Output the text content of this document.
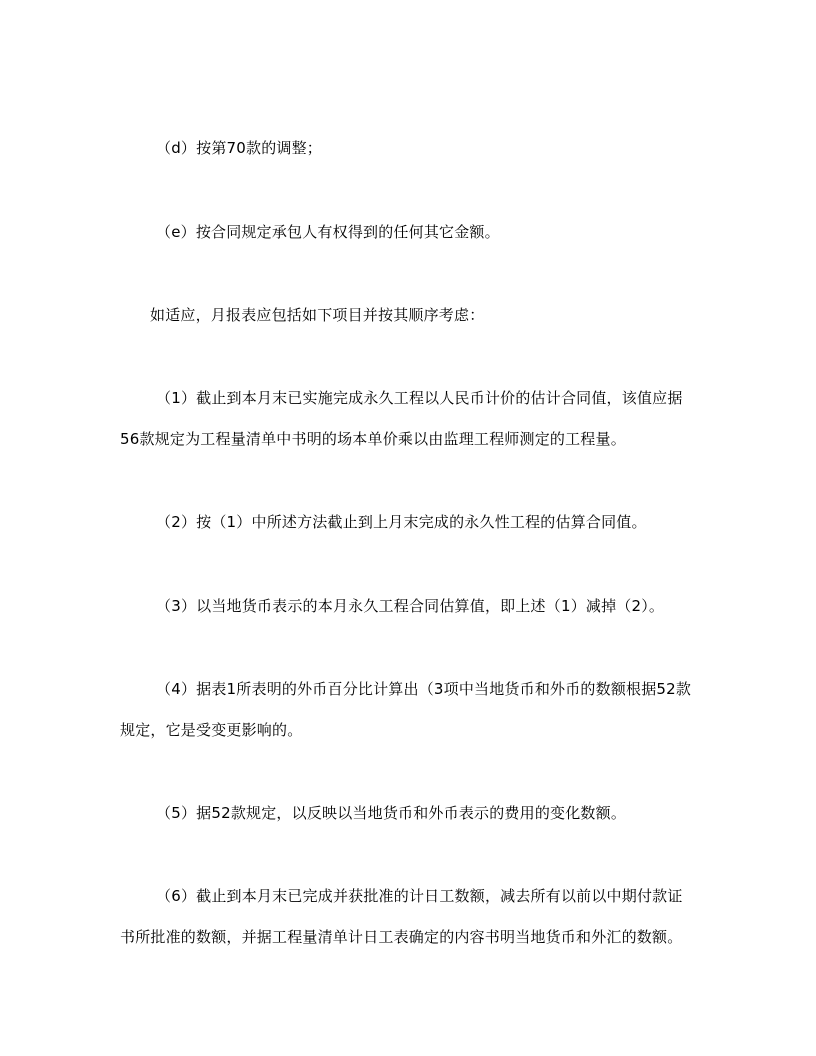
（d）按第70款的调整；
（e）按合同规定承包人有权得到的任何其它金额。
如适应，月报表应包括如下项目并按其顺序考虑：
（1）截止到本月末已实施完成永久工程以人民币计价的估计合同值，该值应据
56款规定为工程量清单中书明的场本单价乘以由监理工程师测定的工程量。
（2）按（1）中所述方法截止到上月末完成的永久性工程的估算合同值。
（3）以当地货币表示的本月永久工程合同估算值，即上述（1）减掉（2）。
（4）据表1所表明的外币百分比计算出（3项中当地货币和外币的数额根据52款
规定，它是受变更影响的。
（5）据52款规定，以反映以当地货币和外币表示的费用的变化数额。
（6）截止到本月末已完成并获批准的计日工数额，减去所有以前以中期付款证
书所批准的数额，并据工程量清单计日工表确定的内容书明当地货币和外汇的数额。
